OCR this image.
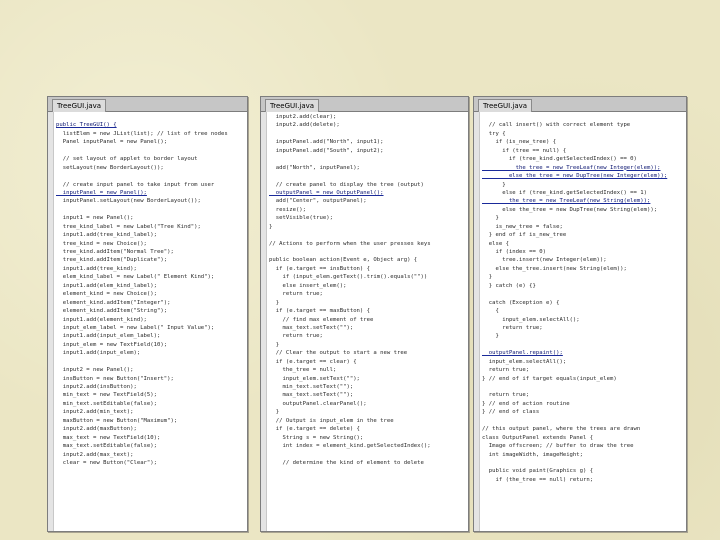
TreeGUI.java
public TreeGUI() {
listElem = new JList(list); // list of tree nodes
Panel inputPanel = new Panel();
// set layout of applet to border layout
setLayout(new BorderLayout());
// create input panel to take input from user
inputPanel = new Panel();
inputPanel.setLayout(new BorderLayout());
input1 = new Panel();
tree_kind_label = new Label("Tree Kind");
input1.add(tree_kind_label);
tree_kind = new Choice();
tree_kind.addItem("Normal Tree");
tree_kind.addItem("Duplicate");
input1.add(tree_kind);
elem_kind_label = new Label(" Element Kind");
input1.add(elem_kind_label);
element_kind = new Choice();
element_kind.addItem("Integer");
element_kind.addItem("String");
input1.add(element_kind);
input_elem_label = new Label(" Input Value");
input1.add(input_elem_label);
input_elem = new TextField(10);
input1.add(input_elem);
input2 = new Panel();
insButton = new Button("Insert");
input2.add(insButton);
min_text = new TextField(5);
min_text.setEditable(false);
input2.add(min_text);
maxButton = new Button("Maximum");
input2.add(maxButton);
max_text = new TextField(10);
max_text.setEditable(false);
input2.add(max_text);
clear = new Button("Clear");
TreeGUI.java
input2.add(clear);
input2.add(delete);
inputPanel.add("North", input1);
inputPanel.add("South", input2);
add("North", inputPanel);
// create panel to display the tree (output)
outputPanel = new OutputPanel();
add("Center", outputPanel);
resize();
setVisible(true);
}
// Actions to perform when the user presses keys
public boolean action(Event e, Object arg) {
if (e.target == insButton) {
if (input_elem.getText().trim().equals(""))
else insert_elem();
return true;
}
if (e.target == maxButton) {
// find max element of tree
max_text.setText("");
return true;
}
// Clear the output to start a new tree
if (e.target == clear) {
the_tree = null;
input_elem.setText("");
min_text.setText("");
max_text.setText("");
outputPanel.clearPanel();
}
// Output is input_elem in the tree
if (e.target == delete) {
String s = new String();
int index = element_kind.getSelectedIndex();
// determine the kind of element to delete
TreeGUI.java
// call insert() with correct element type
try {
if (is_new_tree) {
if (tree == null) {
if (tree_kind.getSelectedIndex() == 0)
the_tree = new TreeLeaf(new Integer(elem));
else the_tree = new DupTree(new Integer(elem));
}
else if (tree_kind.getSelectedIndex() == 1)
the_tree = new TreeLeaf(new String(elem));
else the_tree = new DupTree(new String(elem));
}
is_new_tree = false;
} end of if is_new_tree
else {
if (index == 0)
tree.insert(new Integer(elem));
else the_tree.insert(new String(elem));
}
} catch (e) {}
catch (Exception e) {
{
input_elem.selectAll();
return true;
}
outputPanel.repaint();
input_elem.selectAll();
return true;
} // end of if target equals(input_elem)
return true;
} // end of action routine
} // end of class
// this output panel, where the trees are drawn
class OutputPanel extends Panel {
Image offscreen; // buffer to draw the tree
int imageWidth, imageHeight;
public void paint(Graphics g) {
if (the_tree == null) return;
